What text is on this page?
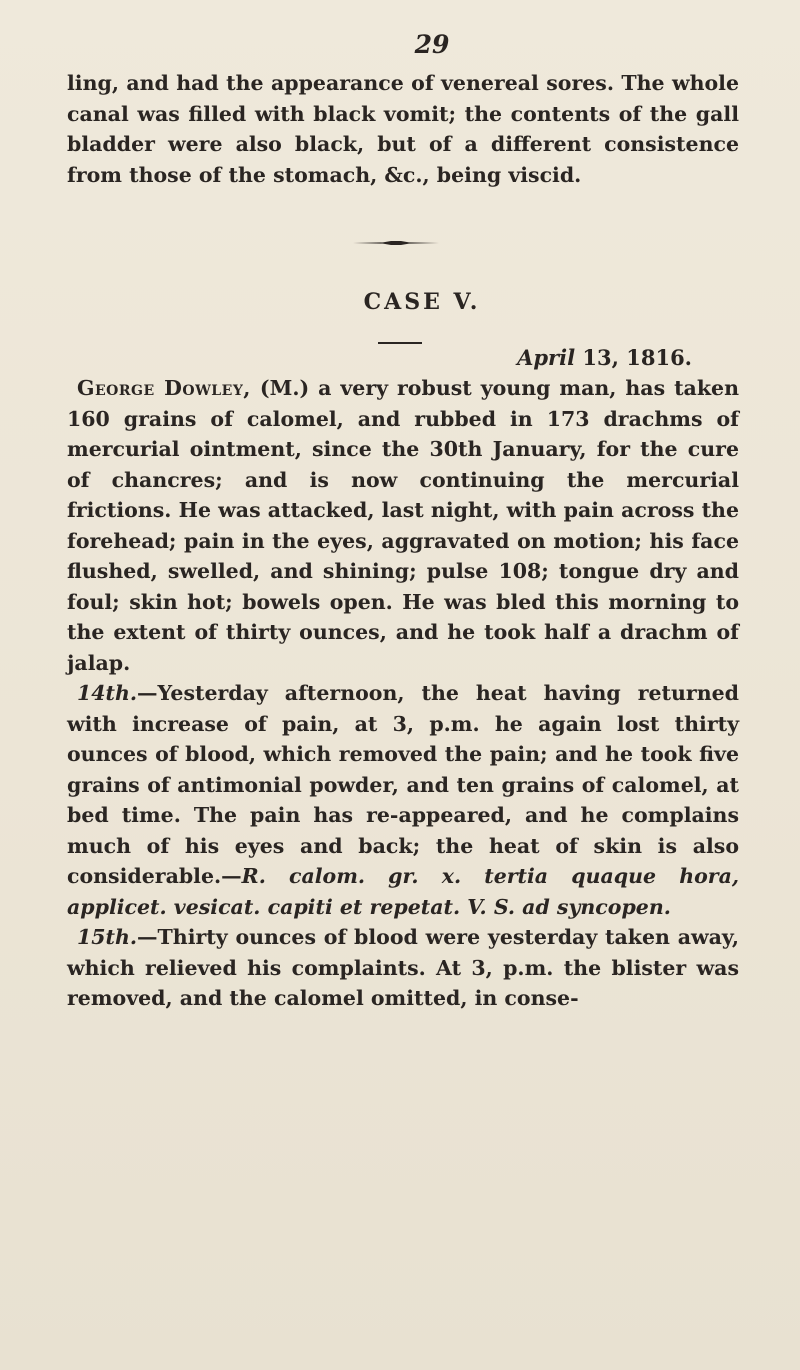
29

ling, and had the appearance of venereal sores. The whole canal was filled with black vomit; the contents of the gall bladder were also black, but of a different consistence from those of the stomach, &c., being viscid.

CASE V.
April 13, 1816.

George Dowley, (M.) a very robust young man, has taken 160 grains of calomel, and rubbed in 173 drachms of mercurial ointment, since the 30th January, for the cure of chancres; and is now continuing the mercurial frictions. He was attacked, last night, with pain across the forehead; pain in the eyes, aggravated on motion; his face flushed, swelled, and shining; pulse 108; tongue dry and foul; skin hot; bowels open. He was bled this morning to the extent of thirty ounces, and he took half a drachm of jalap.

14th.—Yesterday afternoon, the heat having returned with increase of pain, at 3, p.m. he again lost thirty ounces of blood, which removed the pain; and he took five grains of antimonial powder, and ten grains of calomel, at bed time. The pain has re-appeared, and he complains much of his eyes and back; the heat of skin is also considerable.—R. calom. gr. x. tertia quaque hora, applicet. vesicat. capiti et repetat. V. S. ad syncopen.

15th.—Thirty ounces of blood were yesterday taken away, which relieved his complaints. At 3, p.m. the blister was removed, and the calomel omitted, in conse-
